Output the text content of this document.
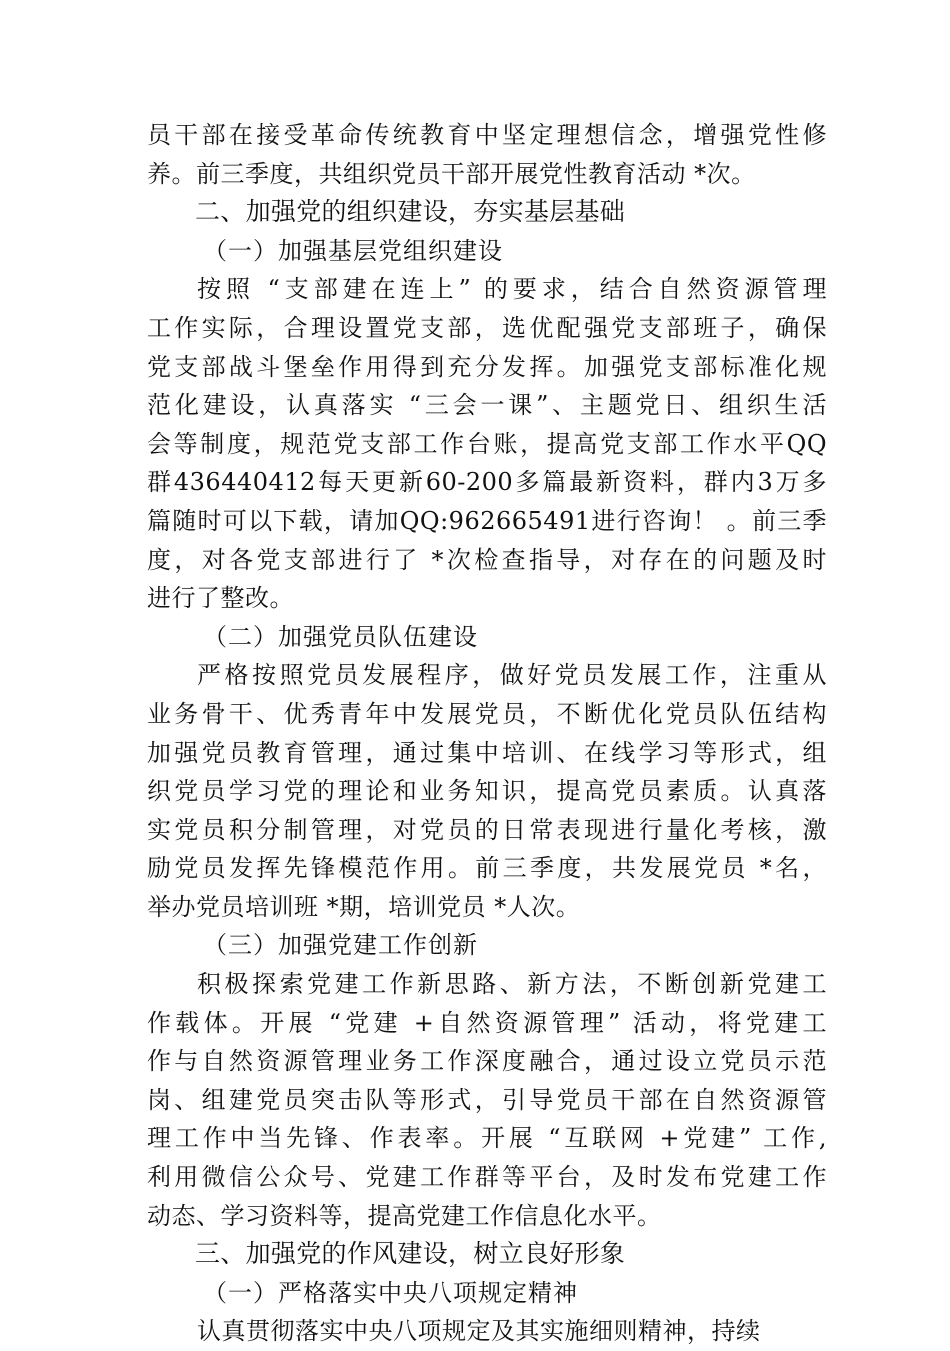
员干部在接受革命传统教育中坚定理想信念，增强党性修
养。前三季度，共组织党员干部开展党性教育活动 *次。
二、加强党的组织建设，夯实基层基础
（一）加强基层党组织建设
按照 “支部建在连上” 的要求，结合自然资源管理
工作实际，合理设置党支部，选优配强党支部班子，确保
党支部战斗堡垒作用得到充分发挥。加强党支部标准化规
范化建设，认真落实 “三会一课”、主题党日、组织生活
会等制度，规范党支部工作台账，提高党支部工作水平QQ
群436440412每天更新60-200多篇最新资料，群内3万多
篇随时可以下载，请加QQ:962665491进行咨询！ 。前三季
度，对各党支部进行了 *次检查指导，对存在的问题及时
进行了整改。
（二）加强党员队伍建设
严格按照党员发展程序，做好党员发展工作，注重从
业务骨干、优秀青年中发展党员，不断优化党员队伍结构
加强党员教育管理，通过集中培训、在线学习等形式，组
织党员学习党的理论和业务知识，提高党员素质。认真落
实党员积分制管理，对党员的日常表现进行量化考核，激
励党员发挥先锋模范作用。前三季度，共发展党员 *名，
举办党员培训班 *期，培训党员 *人次。
（三）加强党建工作创新
积极探索党建工作新思路、新方法，不断创新党建工
作载体。开展 “党建 +自然资源管理” 活动，将党建工
作与自然资源管理业务工作深度融合，通过设立党员示范
岗、组建党员突击队等形式，引导党员干部在自然资源管
理工作中当先锋、作表率。开展 “互联网 +党建” 工作,
利用微信公众号、党建工作群等平台，及时发布党建工作
动态、学习资料等，提高党建工作信息化水平。
三、加强党的作风建设，树立良好形象
（一）严格落实中央八项规定精神
认真贯彻落实中央八项规定及其实施细则精神，持续
